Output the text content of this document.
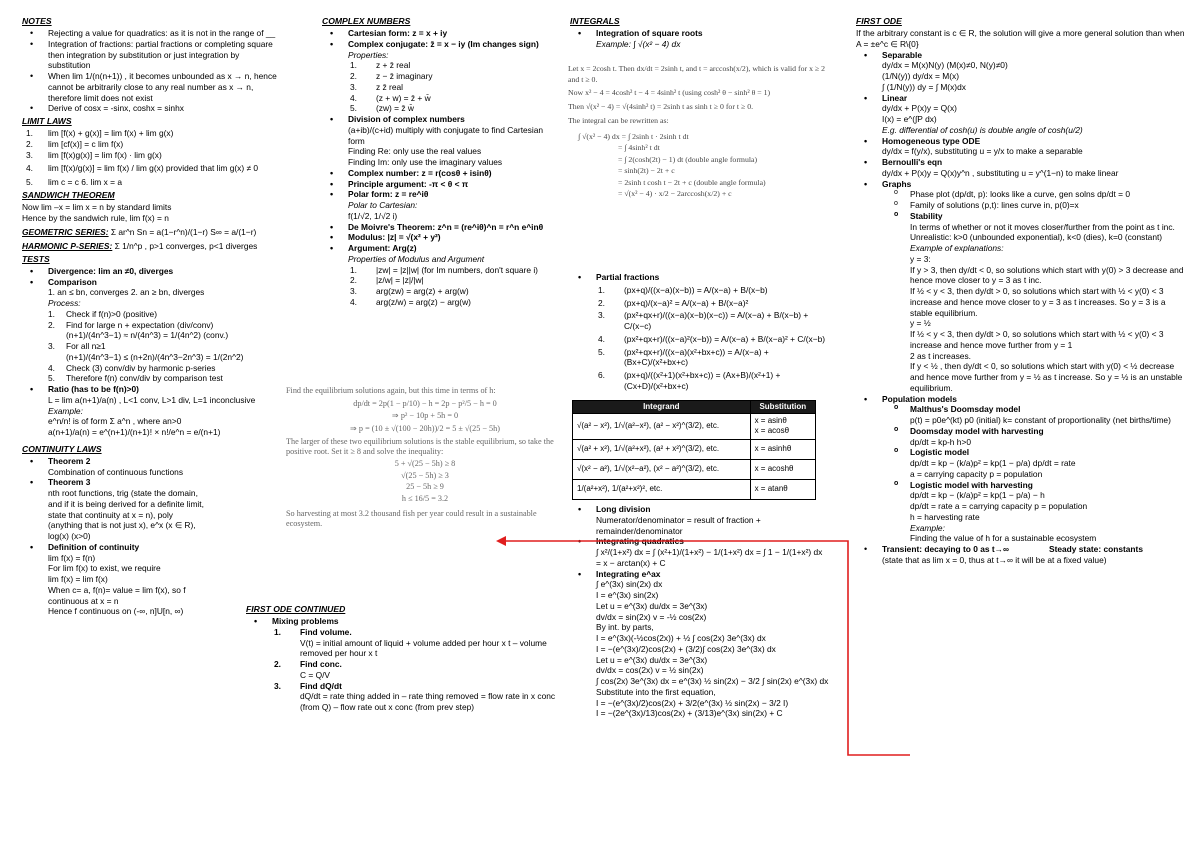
NOTES

• Rejecting a value for quadratics: as it is not in the range of __

• Integration of fractions: partial fractions or completing square then integration by substitution or just integration by substitution

• When lim 1/(n(n+1)) , it becomes unbounded as x → n, hence cannot be arbitrarily close to any real number as x → n, therefore limit does not exist

• Derive of cosx = -sinx, coshx = sinhx

LIMIT LAWS

1. lim [f(x) + g(x)] = lim f(x) + lim g(x)

2. lim [cf(x)] = c lim f(x)

3. lim [f(x)g(x)] = lim f(x) · lim g(x)

4. lim [f(x)/g(x)] = lim f(x) / lim g(x) provided that lim g(x) ≠ 0

5. lim c = c 6. lim x = a

SANDWICH THEOREM

Now lim –x = lim x = n by standard limits

Hence by the sandwich rule, lim f(x) = n

GEOMETRIC SERIES: Σ ar^n Sn = a(1−r^n)/(1−r) S∞ = a/(1−r)

HARMONIC P-SERIES: Σ 1/n^p , p>1 converges, p<1 diverges

TESTS

• Divergence: lim an ≠0, diverges

• Comparison

1. an ≤ bn, converges 2. an ≥ bn, diverges

Process:

1. Check if f(n)>0 (positive)

2. Find for large n + expectation (div/conv)

(n+1)/(4n^3−1) ≈ n/(4n^3) = 1/(4n^2) (conv.)

3. For all n≥1

(n+1)/(4n^3−1) ≤ (n+2n)/(4n^3−2n^3) = 1/(2n^2)

4. Check (3) conv/div by harmonic p-series

5. Therefore f(n) conv/div by comparison test

• Ratio (has to be f(n)>0)

L = lim a(n+1)/a(n) , L<1 conv, L>1 div, L=1 inconclusive

Example:

e^n/n! is of form Σ a^n , where an>0

a(n+1)/a(n) = e^(n+1)/(n+1)! × n!/e^n = e/(n+1)

CONTINUITY LAWS

• Theorem 2

Combination of continuous functions

• Theorem 3

nth root functions, trig (state the domain,

and if it is being derived for a definite limit,

state that continuity at x = n), poly

(anything that is not just x), e^x (x ∈ R),

log(x) (x>0)

• Definition of continuity

lim f(x) = f(n)

For lim f(x) to exist, we require

lim f(x) = lim f(x)

When c= a, f(n)= value = lim f(x), so f

continuous at x = n

Hence f continuous on (-∞, n]U[n, ∞)

COMPLEX NUMBERS

• Cartesian form: z = x + iy

• Complex conjugate: z̄ = x − iy (Im changes sign)

Properties:

1. z + z̄ real

2. z − z̄ imaginary

3. z z̄ real

4. (z + w) = z̄ + w̄

5. (zw) = z̄ w̄

• Division of complex numbers

(a+ib)/(c+id) multiply with conjugate to find Cartesian form

Finding Re: only use the real values

Finding Im: only use the imaginary values

• Complex number: z = r(cosθ + isinθ)

• Principle argument: -π < θ < π

• Polar form: z = re^iθ

Polar to Cartesian:

f(1/√2, 1/√2 i)

• De Moivre's Theorem: z^n = (re^iθ)^n = r^n e^inθ

• Modulus: |z| = √(x² + y²)

• Argument: Arg(z)

Properties of Modulus and Argument

1. |zw| = |z||w| (for Im numbers, don't square i)

2. |z/w| = |z|/|w|

3. arg(zw) = arg(z) + arg(w)

4. arg(z/w) = arg(z) − arg(w)

Find the equilibrium solutions again, but this time in terms of h:

dp/dt = 2p(1 − p/10) − h = 2p − p²/5 − h = 0

⇒ p² − 10p + 5h = 0

⇒ p = (10 ± √(100 − 20h))/2 = 5 ± √(25 − 5h)

The larger of these two equilibrium solutions is the stable equilibrium, so take the positive root. Set it ≥ 8 and solve the inequality:

5 + √(25 − 5h) ≥ 8

√(25 − 5h) ≥ 3

25 − 5h ≥ 9

h ≤ 16/5 = 3.2

So harvesting at most 3.2 thousand fish per year could result in a sustainable ecosystem.

FIRST ODE CONTINUED

• Mixing problems

1. Find volume.

V(t) = initial amount of liquid + volume added per hour x t – volume removed per hour x t

2. Find conc.

C = Q/V

3. Find dQ/dt

dQ/dt = rate thing added in – rate thing removed = flow rate in x conc (from Q) – flow rate out x conc (from prev step)

INTEGRALS

• Integration of square roots

Example: ∫ √(x² − 4) dx

Let x = 2cosh t. Then dx/dt = 2sinh t, and t = arccosh(x/2), which is valid for x ≥ 2 and t ≥ 0.

Now x² − 4 = 4cosh² t − 4 = 4sinh² t (using cosh² θ − sinh² θ = 1)

Then √(x² − 4) = √(4sinh² t) = 2sinh t as sinh t ≥ 0 for t ≥ 0.

The integral can be rewritten as:

∫ √(x² − 4) dx = ∫ 2sinh t · 2sinh t dt

= ∫ 4sinh² t dt

= ∫ 2(cosh(2t) − 1) dt (double angle formula)

= sinh(2t) − 2t + c

= 2sinh t cosh t − 2t + c (double angle formula)

= √(x² − 4) · x/2 − 2arccosh(x/2) + c

• Partial fractions

1. (px+q)/((x−a)(x−b)) = A/(x−a) + B/(x−b)

2. (px+q)/(x−a)² = A/(x−a) + B/(x−a)²

3. (px²+qx+r)/((x−a)(x−b)(x−c)) = A/(x−a) + B/(x−b) + C/(x−c)

4. (px²+qx+r)/((x−a)²(x−b)) = A/(x−a) + B/(x−a)² + C/(x−b)

5. (px²+qx+r)/((x−a)(x²+bx+c)) = A/(x−a) + (Bx+C)/(x²+bx+c)

6. (px+q)/((x²+1)(x²+bx+c)) = (Ax+B)/(x²+1) + (Cx+D)/(x²+bx+c)

Integrand	Substitution
√(a² − x²), 1/√(a²−x²), (a² − x²)^(3/2), etc.	x = asinθ
x = acosθ
√(a² + x²), 1/√(a²+x²), (a² + x²)^(3/2), etc.	x = asinhθ
√(x² − a²), 1/√(x²−a²), (x² − a²)^(3/2), etc.	x = acoshθ
1/(a²+x²), 1/(a²+x²)², etc.	x = atanθ

• Long division

Numerator/denominator = result of fraction + remainder/denominator

• Integrating quadratics

∫ x²/(1+x²) dx = ∫ (x²+1)/(1+x²) − 1/(1+x²) dx = ∫ 1 − 1/(1+x²) dx

= x − arctan(x) + C

• Integrating e^ax

∫ e^(3x) sin(2x) dx

I = e^(3x) sin(2x)

Let u = e^(3x) du/dx = 3e^(3x)

dv/dx = sin(2x) v = -½ cos(2x)

By int. by parts,

I = e^(3x)(-½cos(2x)) + ½ ∫ cos(2x) 3e^(3x) dx

I = −(e^(3x)/2)cos(2x) + (3/2)∫ cos(2x) 3e^(3x) dx

Let u = e^(3x) du/dx = 3e^(3x)

dv/dx = cos(2x) v = ½ sin(2x)

∫ cos(2x) 3e^(3x) dx = e^(3x) ½ sin(2x) − 3/2 ∫ sin(2x) e^(3x) dx

Substitute into the first equation,

I = −(e^(3x)/2)cos(2x) + 3/2(e^(3x) ½ sin(2x) − 3/2 I)

I = −(2e^(3x)/13)cos(2x) + (3/13)e^(3x) sin(2x) + C

FIRST ODE

If the arbitrary constant is c ∈ R, the solution will give a more general solution than when A = ±e^c ∈ R\{0}

• Separable

dy/dx = M(x)N(y) (M(x)≠0, N(y)≠0)

(1/N(y)) dy/dx = M(x)

∫ (1/N(y)) dy = ∫ M(x)dx

• Linear

dy/dx + P(x)y = Q(x)

I(x) = e^(∫P dx)

E.g. differential of cosh(u) is double angle of cosh(u/2)

• Homogeneous type ODE

dy/dx = f(y/x), substituting u = y/x to make a separable

• Bernoulli's eqn

dy/dx + P(x)y = Q(x)y^n , substituting u = y^(1−n) to make linear

• Graphs

o Phase plot (dp/dt, p): looks like a curve, gen solns dp/dt = 0

o Family of solutions (p,t): lines curve in, p(0)=x

o Stability

In terms of whether or not it moves closer/further from the point as t inc. Unrealistic: k>0 (unbounded exponential), k<0 (dies), k=0 (constant)

Example of explanations:

y = 3:

If y > 3, then dy/dt < 0, so solutions which start with y(0) > 3 decrease and hence move closer to y = 3 as t inc.

If ½ < y < 3, then dy/dt > 0, so solutions which start with ½ < y(0) < 3 increase and hence move closer to y = 3 as t increases. So y = 3 is a stable equilibrium.

y = ½

If ½ < y < 3, then dy/dt > 0, so solutions which start with ½ < y(0) < 3 increase and hence move further from y = 1

2 as t increases.

If y < ½ , then dy/dt < 0, so solutions which start with y(0) < ½ decrease and hence move further from y = ½ as t increase. So y = ½ is an unstable equilibrium.

• Population models

o Malthus's Doomsday model

p(t) = p0e^(kt) p0 (initial) k= constant of proportionality (net births/time)

o Doomsday model with harvesting

dp/dt = kp-h h>0

o Logistic model

dp/dt = kp − (k/a)p² = kp(1 − p/a) dp/dt = rate

a = carrying capacity p = population

o Logistic model with harvesting

dp/dt = kp − (k/a)p² = kp(1 − p/a) − h

dp/dt = rate a = carrying capacity p = population

h = harvesting rate

Example:

Finding the value of h for a sustainable ecosystem

• Transient: decaying to 0 as t→∞	Steady state: constants

(state that as lim x = 0, thus at t→∞ it will be at a fixed value)
